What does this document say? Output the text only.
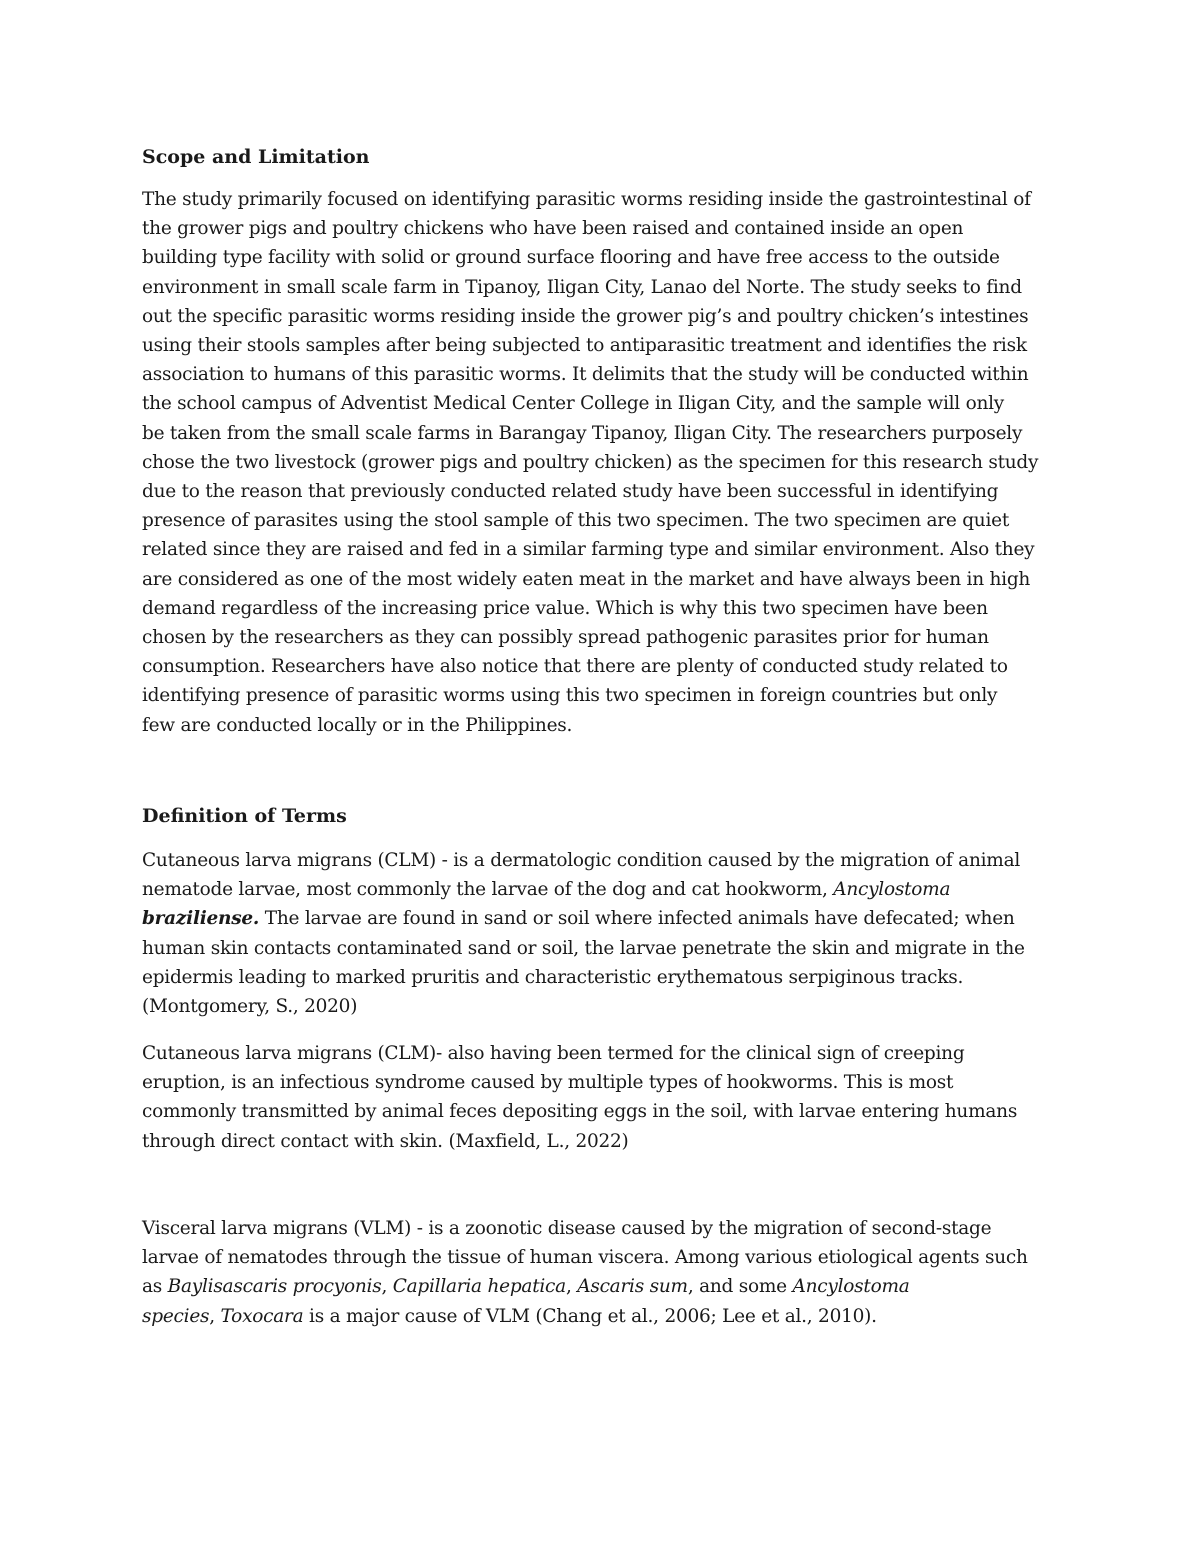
Scope and Limitation
The study primarily focused on identifying parasitic worms residing inside the gastrointestinal of
the grower pigs and poultry chickens who have been raised and contained inside an open
building type facility with solid or ground surface flooring and have free access to the outside
environment in small scale farm in Tipanoy, Iligan City, Lanao del Norte. The study seeks to find
out the specific parasitic worms residing inside the grower pig’s and poultry chicken’s intestines
using their stools samples after being subjected to antiparasitic treatment and identifies the risk
association to humans of this parasitic worms. It delimits that the study will be conducted within
the school campus of Adventist Medical Center College in Iligan City, and the sample will only
be taken from the small scale farms in Barangay Tipanoy, Iligan City. The researchers purposely
chose the two livestock (grower pigs and poultry chicken) as the specimen for this research study
due to the reason that previously conducted related study have been successful in identifying
presence of parasites using the stool sample of this two specimen. The two specimen are quiet
related since they are raised and fed in a similar farming type and similar environment. Also they
are considered as one of the most widely eaten meat in the market and have always been in high
demand regardless of the increasing price value. Which is why this two specimen have been
chosen by the researchers as they can possibly spread pathogenic parasites prior for human
consumption. Researchers have also notice that there are plenty of conducted study related to
identifying presence of parasitic worms using this two specimen in foreign countries but only
few are conducted locally or in the Philippines.
Definition of Terms
Cutaneous larva migrans (CLM) - is a dermatologic condition caused by the migration of animal
nematode larvae, most commonly the larvae of the dog and cat hookworm, Ancylostoma
braziliense. The larvae are found in sand or soil where infected animals have defecated; when
human skin contacts contaminated sand or soil, the larvae penetrate the skin and migrate in the
epidermis leading to marked pruritis and characteristic erythematous serpiginous tracks.
(Montgomery, S., 2020)
Cutaneous larva migrans (CLM)- also having been termed for the clinical sign of creeping
eruption, is an infectious syndrome caused by multiple types of hookworms. This is most
commonly transmitted by animal feces depositing eggs in the soil, with larvae entering humans
through direct contact with skin. (Maxfield, L., 2022)
Visceral larva migrans (VLM) - is a zoonotic disease caused by the migration of second-stage
larvae of nematodes through the tissue of human viscera. Among various etiological agents such
as Baylisascaris procyonis, Capillaria hepatica, Ascaris sum, and some Ancylostoma
species, Toxocara is a major cause of VLM (Chang et al., 2006; Lee et al., 2010).
